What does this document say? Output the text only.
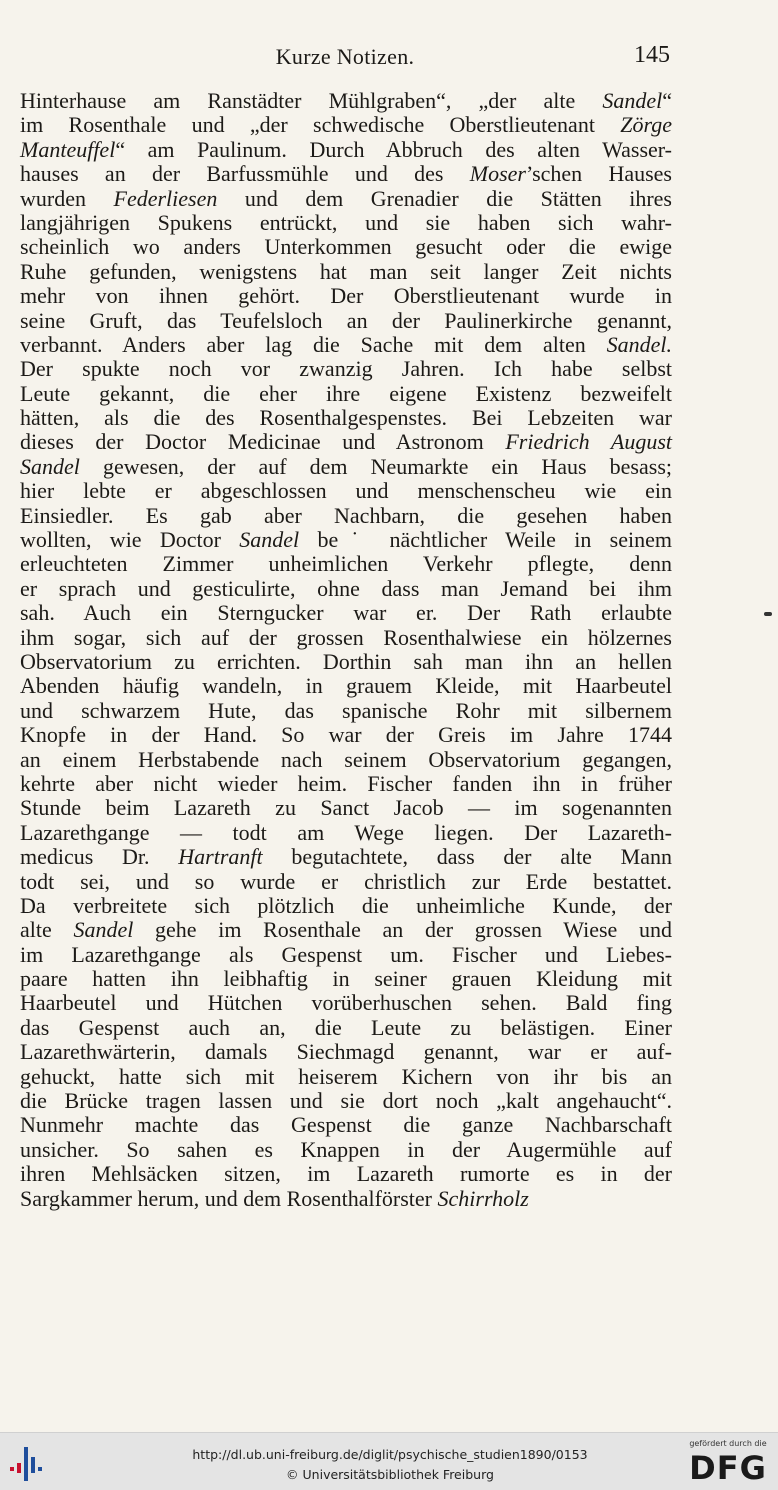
Kurze Notizen.	145
Hinterhause am Ranstädter Mühlgraben“, „der alte Sandel“
im Rosenthale und „der schwedische Oberstlieutenant Zörge
Manteuffel“ am Paulinum. Durch Abbruch des alten Wasser-
hauses an der Barfussmühle und des Moser’schen Hauses
wurden Federliesen und dem Grenadier die Stätten ihres
langjährigen Spukens entrückt, und sie haben sich wahr-
scheinlich wo anders Unterkommen gesucht oder die ewige
Ruhe gefunden, wenigstens hat man seit langer Zeit nichts
mehr von ihnen gehört. Der Oberstlieutenant wurde in
seine Gruft, das Teufelsloch an der Paulinerkirche genannt,
verbannt. Anders aber lag die Sache mit dem alten Sandel.
Der spukte noch vor zwanzig Jahren. Ich habe selbst
Leute gekannt, die eher ihre eigene Existenz bezweifelt
hätten, als die des Rosenthalgespenstes. Bei Lebzeiten war
dieses der Doctor Medicinae und Astronom Friedrich August
Sandel gewesen, der auf dem Neumarkte ein Haus besass;
hier lebte er abgeschlossen und menschenscheu wie ein
Einsiedler. Es gab aber Nachbarn, die gesehen haben
wollten, wie Doctor Sandel be˙ nächtlicher Weile in seinem
erleuchteten Zimmer unheimlichen Verkehr pflegte, denn
er sprach und gesticulirte, ohne dass man Jemand bei ihm
sah. Auch ein Sterngucker war er. Der Rath erlaubte
ihm sogar, sich auf der grossen Rosenthalwiese ein hölzernes
Observatorium zu errichten. Dorthin sah man ihn an hellen
Abenden häufig wandeln, in grauem Kleide, mit Haarbeutel
und schwarzem Hute, das spanische Rohr mit silbernem
Knopfe in der Hand. So war der Greis im Jahre 1744
an einem Herbstabende nach seinem Observatorium gegangen,
kehrte aber nicht wieder heim. Fischer fanden ihn in früher
Stunde beim Lazareth zu Sanct Jacob — im sogenannten
Lazarethgange — todt am Wege liegen. Der Lazareth-
medicus Dr. Hartranft begutachtete, dass der alte Mann
todt sei, und so wurde er christlich zur Erde bestattet.
Da verbreitete sich plötzlich die unheimliche Kunde, der
alte Sandel gehe im Rosenthale an der grossen Wiese und
im Lazarethgange als Gespenst um. Fischer und Liebes-
paare hatten ihn leibhaftig in seiner grauen Kleidung mit
Haarbeutel und Hütchen vorüberhuschen sehen. Bald fing
das Gespenst auch an, die Leute zu belästigen. Einer
Lazarethwärterin, damals Siechmagd genannt, war er auf-
gehuckt, hatte sich mit heiserem Kichern von ihr bis an
die Brücke tragen lassen und sie dort noch „kalt angehaucht“.
Nunmehr machte das Gespenst die ganze Nachbarschaft
unsicher. So sahen es Knappen in der Augermühle auf
ihren Mehlsäcken sitzen, im Lazareth rumorte es in der
Sargkammer herum, und dem Rosenthalförster Schirrholz
http://dl.ub.uni-freiburg.de/diglit/psychische_studien1890/0153
© Universitätsbibliothek Freiburg
gefördert durch die
DFG
